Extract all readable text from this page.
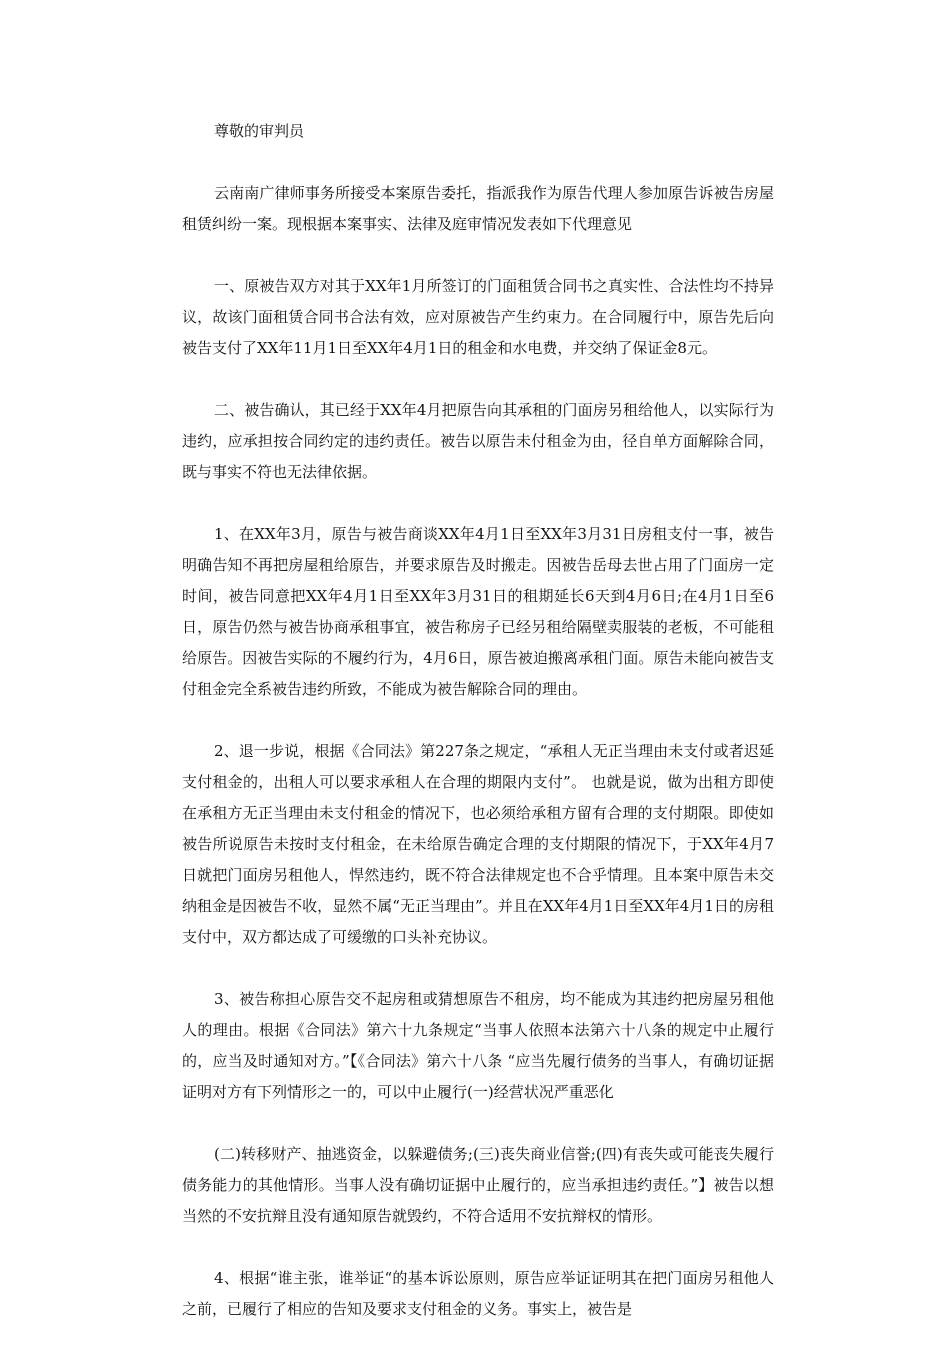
尊敬的审判员

云南南广律师事务所接受本案原告委托，指派我作为原告代理人参加原告诉被告房屋租赁纠纷一案。现根据本案事实、法律及庭审情况发表如下代理意见

一、原被告双方对其于XX年1月所签订的门面租赁合同书之真实性、合法性均不持异议，故该门面租赁合同书合法有效，应对原被告产生约束力。在合同履行中，原告先后向被告支付了XX年11月1日至XX年4月1日的租金和水电费，并交纳了保证金8元。

二、被告确认，其已经于XX年4月把原告向其承租的门面房另租给他人，以实际行为违约，应承担按合同约定的违约责任。被告以原告未付租金为由，径自单方面解除合同，既与事实不符也无法律依据。

1、在XX年3月，原告与被告商谈XX年4月1日至XX年3月31日房租支付一事，被告明确告知不再把房屋租给原告，并要求原告及时搬走。因被告岳母去世占用了门面房一定时间，被告同意把XX年4月1日至XX年3月31日的租期延长6天到4月6日;在4月1日至6日，原告仍然与被告协商承租事宜，被告称房子已经另租给隔壁卖服装的老板，不可能租给原告。因被告实际的不履约行为，4月6日，原告被迫搬离承租门面。原告未能向被告支付租金完全系被告违约所致，不能成为被告解除合同的理由。

2、退一步说，根据《合同法》第227条之规定，“承租人无正当理由未支付或者迟延支付租金的，出租人可以要求承租人在合理的期限内支付”。 也就是说，做为出租方即使在承租方无正当理由未支付租金的情况下，也必须给承租方留有合理的支付期限。即使如被告所说原告未按时支付租金，在未给原告确定合理的支付期限的情况下，于XX年4月7日就把门面房另租他人，悍然违约，既不符合法律规定也不合乎情理。且本案中原告未交纳租金是因被告不收，显然不属“无正当理由”。并且在XX年4月1日至XX年4月1日的房租支付中，双方都达成了可缓缴的口头补充协议。

3、被告称担心原告交不起房租或猜想原告不租房，均不能成为其违约把房屋另租他人的理由。根据《合同法》第六十九条规定“当事人依照本法第六十八条的规定中止履行的，应当及时通知对方。”【《合同法》第六十八条 “应当先履行债务的当事人，有确切证据证明对方有下列情形之一的，可以中止履行(一)经营状况严重恶化

(二)转移财产、抽逃资金，以躲避债务;(三)丧失商业信誉;(四)有丧失或可能丧失履行债务能力的其他情形。当事人没有确切证据中止履行的，应当承担违约责任。”】被告以想当然的不安抗辩且没有通知原告就毁约，不符合适用不安抗辩权的情形。

4、根据“谁主张，谁举证“的基本诉讼原则，原告应举证证明其在把门面房另租他人之前，已履行了相应的告知及要求支付租金的义务。事实上，被告是
